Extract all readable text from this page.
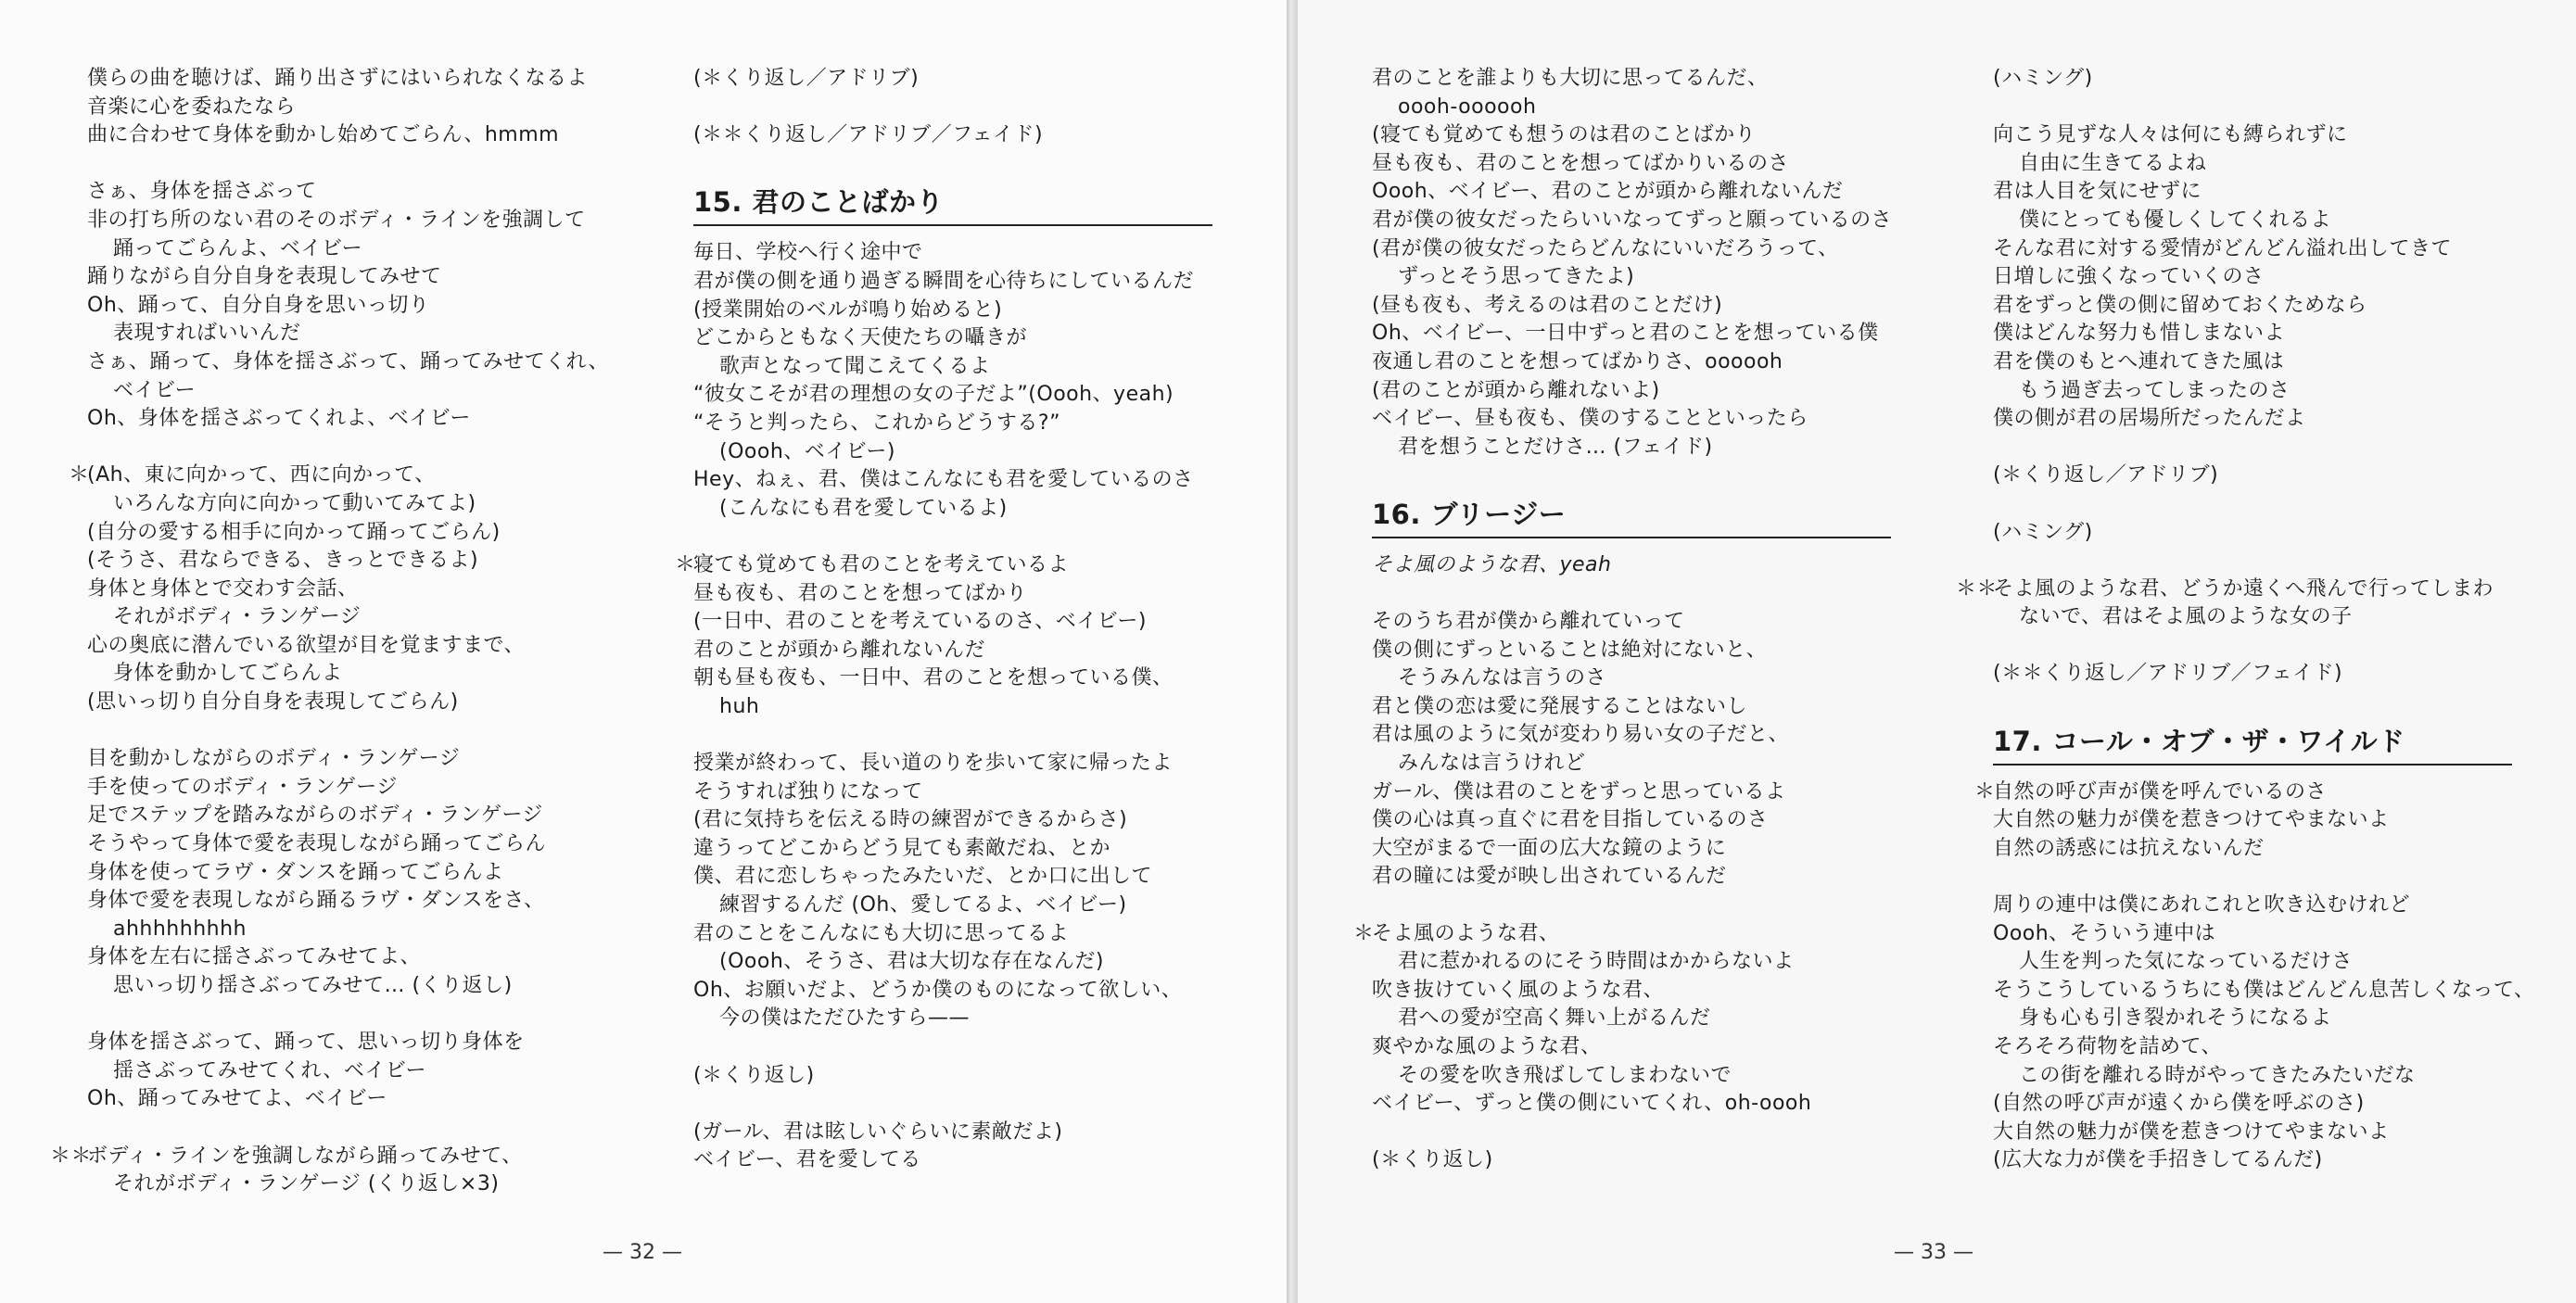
僕らの曲を聴けば、踊り出さずにはいられなくなるよ
音楽に心を委ねたなら
曲に合わせて身体を動かし始めてごらん、hmmm
さぁ、身体を揺さぶって
非の打ち所のない君のそのボディ・ラインを強調して
踊ってごらんよ、ベイビー
踊りながら自分自身を表現してみせて
Oh、踊って、自分自身を思いっ切り
表現すればいいんだ
さぁ、踊って、身体を揺さぶって、踊ってみせてくれ、
ベイビー
Oh、身体を揺さぶってくれよ、ベイビー
＊(Ah、東に向かって、西に向かって、
いろんな方向に向かって動いてみてよ)
(自分の愛する相手に向かって踊ってごらん)
(そうさ、君ならできる、きっとできるよ)
身体と身体とで交わす会話、
それがボディ・ランゲージ
心の奥底に潜んでいる欲望が目を覚ますまで、
身体を動かしてごらんよ
(思いっ切り自分自身を表現してごらん)
目を動かしながらのボディ・ランゲージ
手を使ってのボディ・ランゲージ
足でステップを踏みながらのボディ・ランゲージ
そうやって身体で愛を表現しながら踊ってごらん
身体を使ってラヴ・ダンスを踊ってごらんよ
身体で愛を表現しながら踊るラヴ・ダンスをさ、
ahhhhhhhhh
身体を左右に揺さぶってみせてよ、
思いっ切り揺さぶってみせて… (くり返し)
身体を揺さぶって、踊って、思いっ切り身体を
揺さぶってみせてくれ、ベイビー
Oh、踊ってみせてよ、ベイビー
＊＊ボディ・ラインを強調しながら踊ってみせて、
それがボディ・ランゲージ (くり返し×3)
(＊くり返し／アドリブ)
(＊＊くり返し／アドリブ／フェイド)
15. 君のことばかり
毎日、学校へ行く途中で
君が僕の側を通り過ぎる瞬間を心待ちにしているんだ
(授業開始のベルが鳴り始めると)
どこからともなく天使たちの囁きが
歌声となって聞こえてくるよ
“彼女こそが君の理想の女の子だよ”(Oooh、yeah)
“そうと判ったら、これからどうする?”
(Oooh、ベイビー)
Hey、ねぇ、君、僕はこんなにも君を愛しているのさ
(こんなにも君を愛しているよ)
＊寝ても覚めても君のことを考えているよ
昼も夜も、君のことを想ってばかり
(一日中、君のことを考えているのさ、ベイビー)
君のことが頭から離れないんだ
朝も昼も夜も、一日中、君のことを想っている僕、
huh
授業が終わって、長い道のりを歩いて家に帰ったよ
そうすれば独りになって
(君に気持ちを伝える時の練習ができるからさ)
違うってどこからどう見ても素敵だね、とか
僕、君に恋しちゃったみたいだ、とか口に出して
練習するんだ (Oh、愛してるよ、ベイビー)
君のことをこんなにも大切に思ってるよ
(Oooh、そうさ、君は大切な存在なんだ)
Oh、お願いだよ、どうか僕のものになって欲しい、
今の僕はただひたすら——
(＊くり返し)
(ガール、君は眩しいぐらいに素敵だよ)
ベイビー、君を愛してる
— 32 —
君のことを誰よりも大切に思ってるんだ、
oooh-oooooh
(寝ても覚めても想うのは君のことばかり
昼も夜も、君のことを想ってばかりいるのさ
Oooh、ベイビー、君のことが頭から離れないんだ
君が僕の彼女だったらいいなってずっと願っているのさ
(君が僕の彼女だったらどんなにいいだろうって、
ずっとそう思ってきたよ)
(昼も夜も、考えるのは君のことだけ)
Oh、ベイビー、一日中ずっと君のことを想っている僕
夜通し君のことを想ってばかりさ、oooooh
(君のことが頭から離れないよ)
ベイビー、昼も夜も、僕のすることといったら
君を想うことだけさ… (フェイド)
16. ブリージー
そよ風のような君、yeah
そのうち君が僕から離れていって
僕の側にずっといることは絶対にないと、
そうみんなは言うのさ
君と僕の恋は愛に発展することはないし
君は風のように気が変わり易い女の子だと、
みんなは言うけれど
ガール、僕は君のことをずっと思っているよ
僕の心は真っ直ぐに君を目指しているのさ
大空がまるで一面の広大な鏡のように
君の瞳には愛が映し出されているんだ
＊そよ風のような君、
君に惹かれるのにそう時間はかからないよ
吹き抜けていく風のような君、
君への愛が空高く舞い上がるんだ
爽やかな風のような君、
その愛を吹き飛ばしてしまわないで
ベイビー、ずっと僕の側にいてくれ、oh-oooh
(＊くり返し)
(ハミング)
向こう見ずな人々は何にも縛られずに
自由に生きてるよね
君は人目を気にせずに
僕にとっても優しくしてくれるよ
そんな君に対する愛情がどんどん溢れ出してきて
日増しに強くなっていくのさ
君をずっと僕の側に留めておくためなら
僕はどんな努力も惜しまないよ
君を僕のもとへ連れてきた風は
もう過ぎ去ってしまったのさ
僕の側が君の居場所だったんだよ
(＊くり返し／アドリブ)
(ハミング)
＊＊そよ風のような君、どうか遠くへ飛んで行ってしまわ
ないで、君はそよ風のような女の子
(＊＊くり返し／アドリブ／フェイド)
17. コール・オブ・ザ・ワイルド
＊自然の呼び声が僕を呼んでいるのさ
大自然の魅力が僕を惹きつけてやまないよ
自然の誘惑には抗えないんだ
周りの連中は僕にあれこれと吹き込むけれど
Oooh、そういう連中は
人生を判った気になっているだけさ
そうこうしているうちにも僕はどんどん息苦しくなって、
身も心も引き裂かれそうになるよ
そろそろ荷物を詰めて、
この街を離れる時がやってきたみたいだな
(自然の呼び声が遠くから僕を呼ぶのさ)
大自然の魅力が僕を惹きつけてやまないよ
(広大な力が僕を手招きしてるんだ)
— 33 —
